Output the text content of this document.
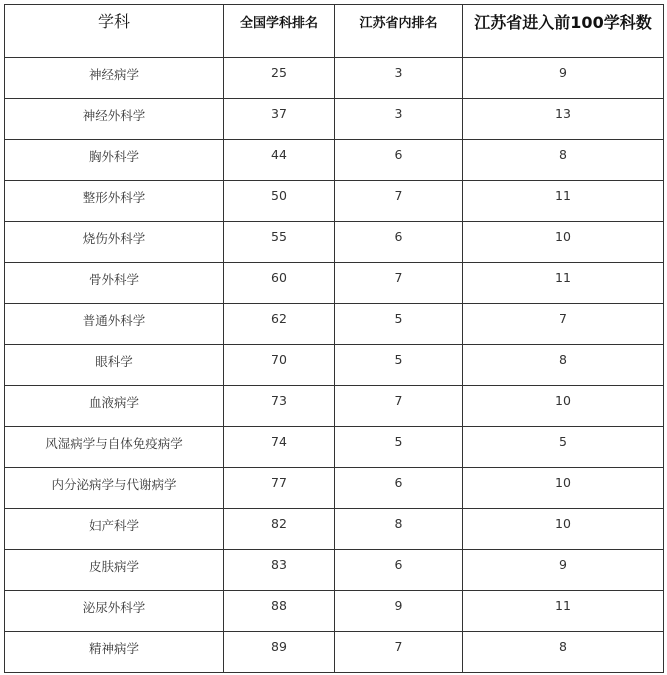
学科	全国学科排名	江苏省内排名	江苏省进入前100学科数
神经病学	25	3	9
神经外科学	37	3	13
胸外科学	44	6	8
整形外科学	50	7	11
烧伤外科学	55	6	10
骨外科学	60	7	11
普通外科学	62	5	7
眼科学	70	5	8
血液病学	73	7	10
风湿病学与自体免疫病学	74	5	5
内分泌病学与代谢病学	77	6	10
妇产科学	82	8	10
皮肤病学	83	6	9
泌尿外科学	88	9	11
精神病学	89	7	8
